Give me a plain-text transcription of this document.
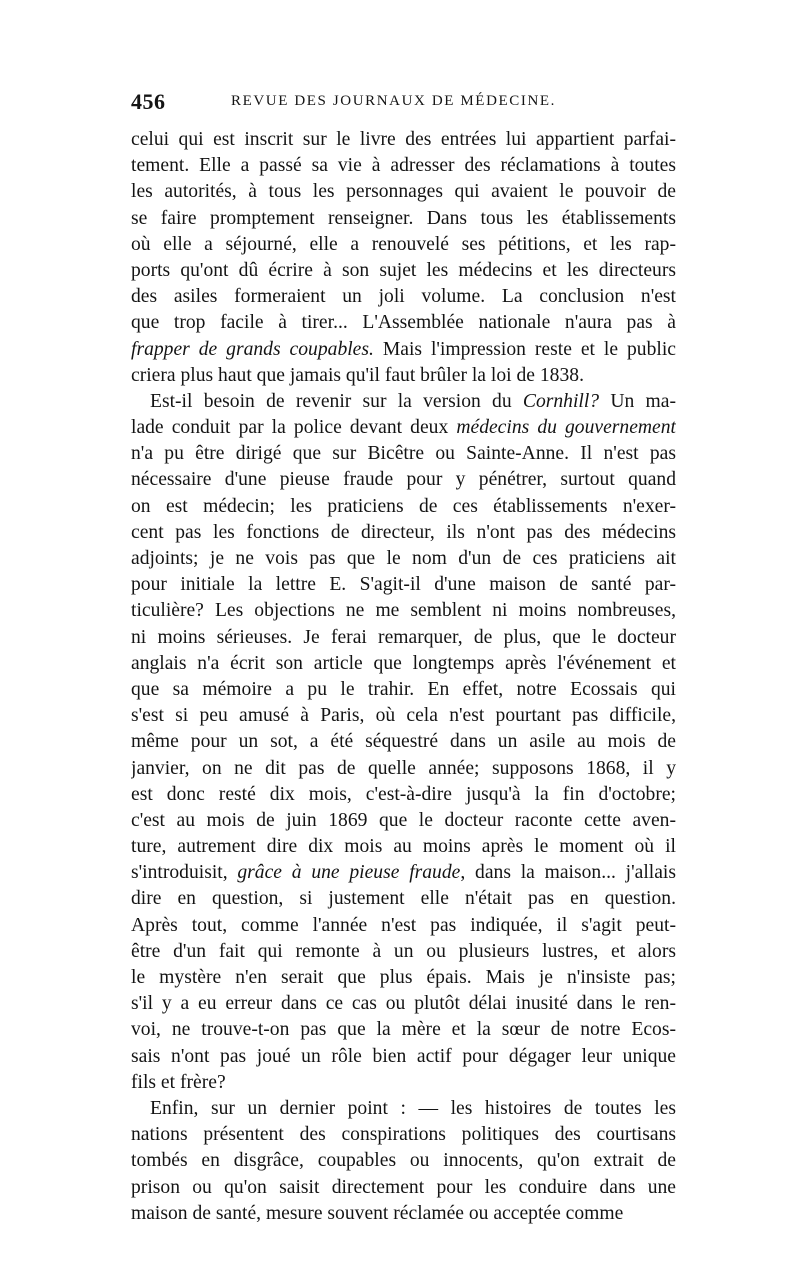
456	REVUE DES JOURNAUX DE MÉDECINE.
celui qui est inscrit sur le livre des entrées lui appartient parfai-
tement. Elle a passé sa vie à adresser des réclamations à toutes
les autorités, à tous les personnages qui avaient le pouvoir de
se faire promptement renseigner. Dans tous les établissements
où elle a séjourné, elle a renouvelé ses pétitions, et les rap-
ports qu'ont dû écrire à son sujet les médecins et les directeurs
des asiles formeraient un joli volume. La conclusion n'est
que trop facile à tirer... L'Assemblée nationale n'aura pas à
frapper de grands coupables. Mais l'impression reste et le public
criera plus haut que jamais qu'il faut brûler la loi de 1838.
Est-il besoin de revenir sur la version du Cornhill? Un ma-
lade conduit par la police devant deux médecins du gouvernement
n'a pu être dirigé que sur Bicêtre ou Sainte-Anne. Il n'est pas
nécessaire d'une pieuse fraude pour y pénétrer, surtout quand
on est médecin; les praticiens de ces établissements n'exer-
cent pas les fonctions de directeur, ils n'ont pas des médecins
adjoints; je ne vois pas que le nom d'un de ces praticiens ait
pour initiale la lettre E. S'agit-il d'une maison de santé par-
ticulière? Les objections ne me semblent ni moins nombreuses,
ni moins sérieuses. Je ferai remarquer, de plus, que le docteur
anglais n'a écrit son article que longtemps après l'événement et
que sa mémoire a pu le trahir. En effet, notre Ecossais qui
s'est si peu amusé à Paris, où cela n'est pourtant pas difficile,
même pour un sot, a été séquestré dans un asile au mois de
janvier, on ne dit pas de quelle année; supposons 1868, il y
est donc resté dix mois, c'est-à-dire jusqu'à la fin d'octobre;
c'est au mois de juin 1869 que le docteur raconte cette aven-
ture, autrement dire dix mois au moins après le moment où il
s'introduisit, grâce à une pieuse fraude, dans la maison... j'allais
dire en question, si justement elle n'était pas en question.
Après tout, comme l'année n'est pas indiquée, il s'agit peut-
être d'un fait qui remonte à un ou plusieurs lustres, et alors
le mystère n'en serait que plus épais. Mais je n'insiste pas;
s'il y a eu erreur dans ce cas ou plutôt délai inusité dans le ren-
voi, ne trouve-t-on pas que la mère et la sœur de notre Ecos-
sais n'ont pas joué un rôle bien actif pour dégager leur unique
fils et frère?
Enfin, sur un dernier point : — les histoires de toutes les
nations présentent des conspirations politiques des courtisans
tombés en disgrâce, coupables ou innocents, qu'on extrait de
prison ou qu'on saisit directement pour les conduire dans une
maison de santé, mesure souvent réclamée ou acceptée comme
